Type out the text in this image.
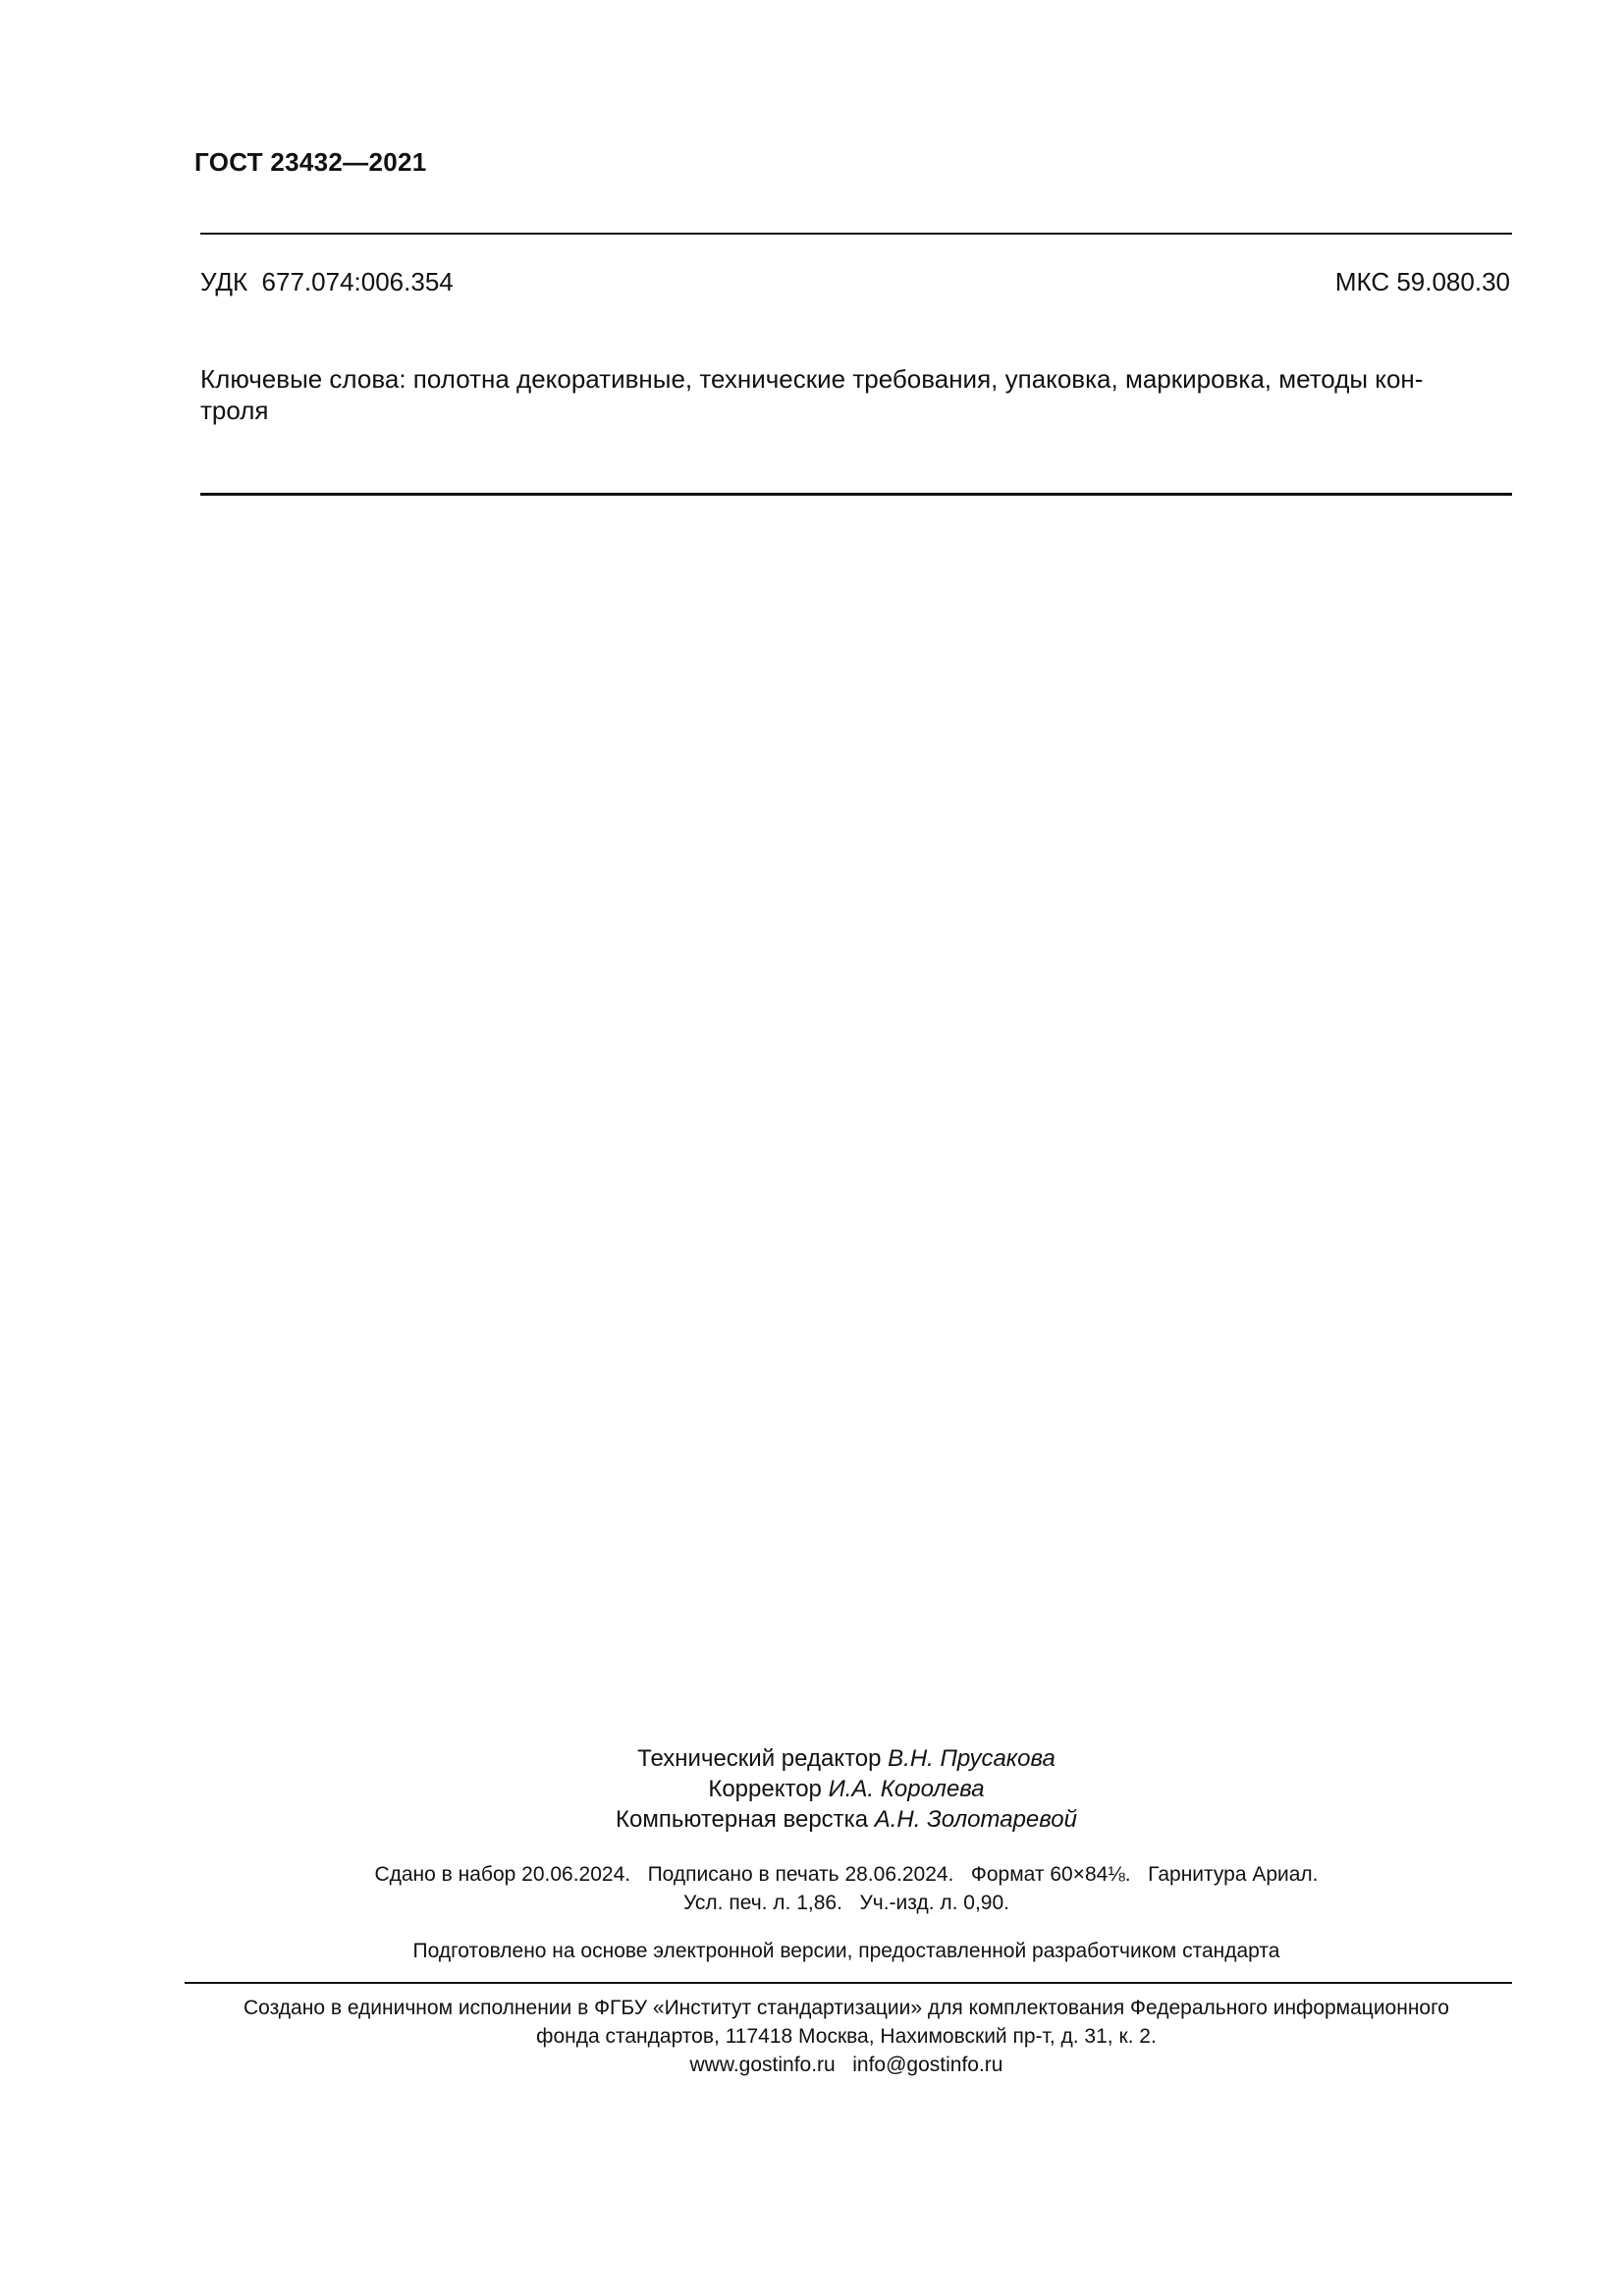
ГОСТ 23432—2021
УДК  677.074:006.354	МКС 59.080.30
Ключевые слова: полотна декоративные, технические требования, упаковка, маркировка, методы кон-
троля
Технический редактор В.Н. Прусакова
Корректор И.А. Королева
Компьютерная верстка А.Н. Золотаревой
Сдано в набор 20.06.2024.   Подписано в печать 28.06.2024.   Формат 60×84⅛.   Гарнитура Ариал.
Усл. печ. л. 1,86.   Уч.-изд. л. 0,90.
Подготовлено на основе электронной версии, предоставленной разработчиком стандарта
Создано в единичном исполнении в ФГБУ «Институт стандартизации» для комплектования Федерального информационного
фонда стандартов, 117418 Москва, Нахимовский пр-т, д. 31, к. 2.
www.gostinfo.ru info@gostinfo.ru
